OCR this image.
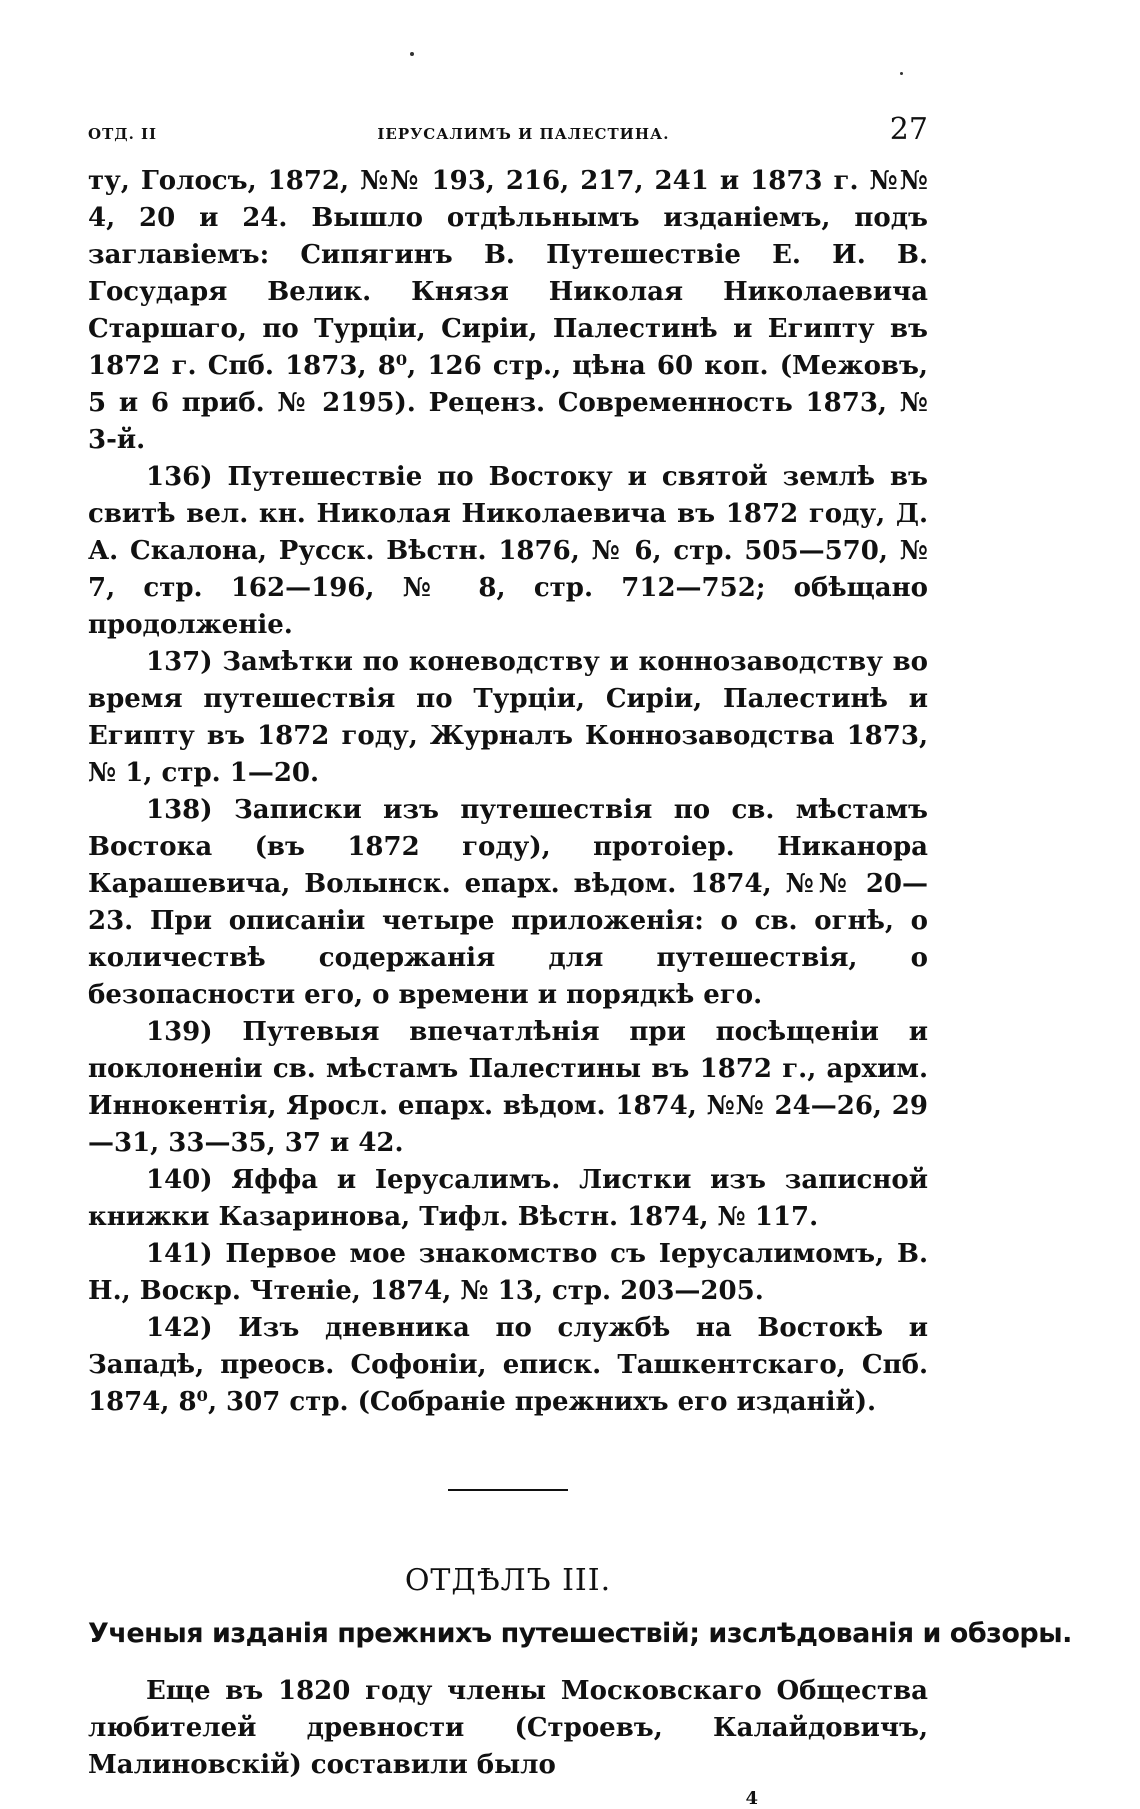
ОТД. II	ІЕРУСАЛИМЪ И ПАЛЕСТИНА.	27

ту, Голосъ, 1872, №№ 193, 216, 217, 241 и 1873 г. №№ 4, 20 и 24. Вышло отдѣльнымъ изданіемъ, подъ заглавіемъ: Сипягинъ В. Путешествіе Е. И. В. Государя Велик. Князя Николая Николаевича Старшаго, по Турціи, Сиріи, Палестинѣ и Египту въ 1872 г. Спб. 1873, 8⁰, 126 стр., цѣна 60 коп. (Межовъ, 5 и 6 приб. № 2195). Реценз. Современность 1873, № 3-й.

136) Путешествіе по Востоку и святой землѣ въ свитѣ вел. кн. Николая Николаевича въ 1872 году, Д. А. Скалона, Русск. Вѣстн. 1876, № 6, стр. 505—570, № 7, стр. 162—196, № 8, стр. 712—752; обѣщано продолженіе.

137) Замѣтки по коневодству и коннозаводству во время путешествія по Турціи, Сиріи, Палестинѣ и Египту въ 1872 году, Журналъ Коннозаводства 1873, № 1, стр. 1—20.

138) Записки изъ путешествія по св. мѣстамъ Востока (въ 1872 году), протоіер. Никанора Карашевича, Волынск. епарх. вѣдом. 1874, №№ 20—23. При описаніи четыре приложенія: о св. огнѣ, о количествѣ содержанія для путешествія, о безопасности его, о времени и порядкѣ его.

139) Путевыя впечатлѣнія при посѣщеніи и поклоненіи св. мѣстамъ Палестины въ 1872 г., архим. Иннокентія, Яросл. епарх. вѣдом. 1874, №№ 24—26, 29—31, 33—35, 37 и 42.

140) Яффа и Іерусалимъ. Листки изъ записной книжки Казаринова, Тифл. Вѣстн. 1874, № 117.

141) Первое мое знакомство съ Іерусалимомъ, В. Н., Воскр. Чтеніе, 1874, № 13, стр. 203—205.

142) Изъ дневника по службѣ на Востокѣ и Западѣ, преосв. Софоніи, еписк. Ташкентскаго, Спб. 1874, 8⁰, 307 стр. (Собраніе прежнихъ его изданій).

ОТДѢЛЪ III.
Ученыя изданія прежнихъ путешествій; изслѣдованія и обзоры.

Еще въ 1820 году члены Московскаго Общества любителей древности (Строевъ, Калайдовичъ, Малиновскій) составили было

4
